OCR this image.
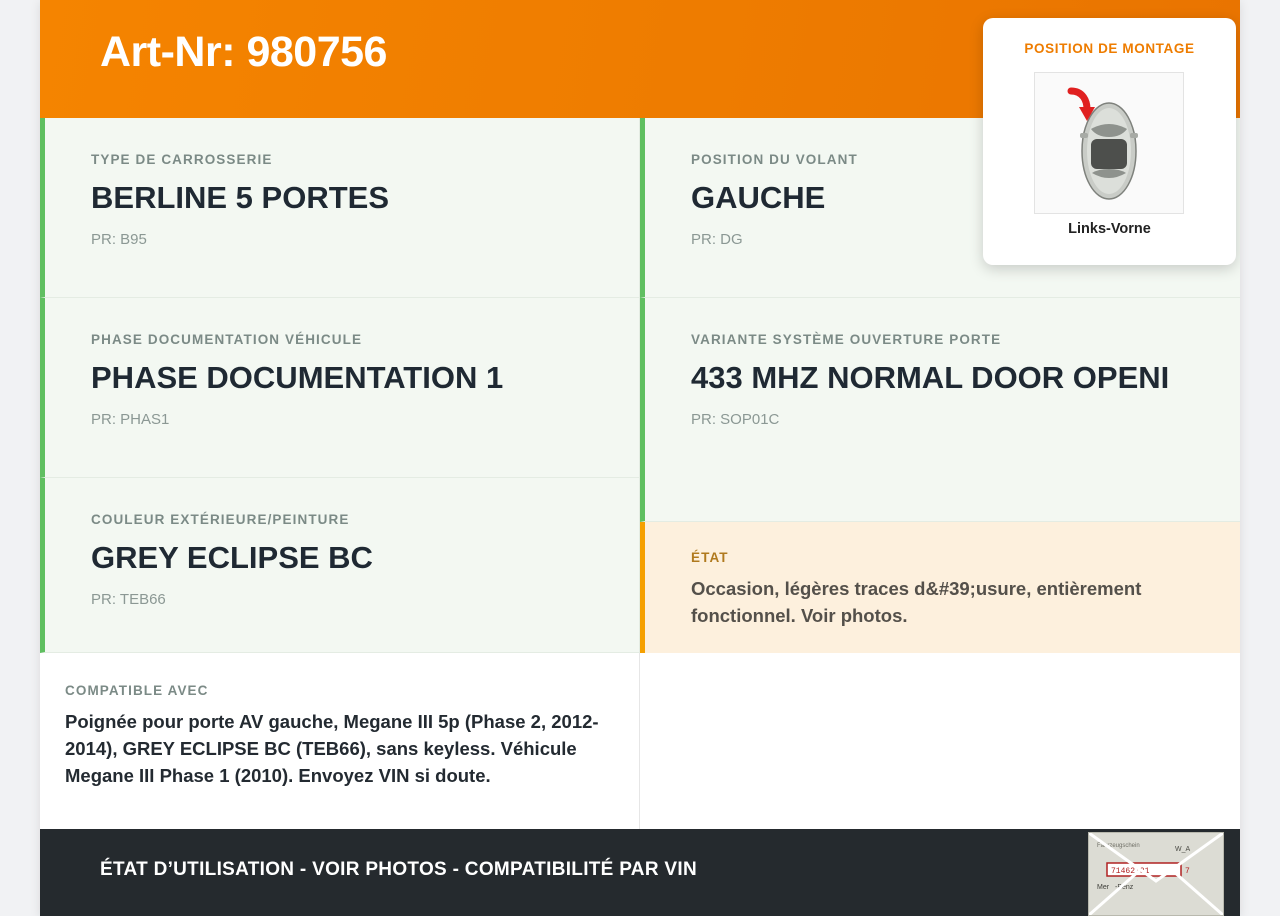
Art-Nr: 980756	POSITION DE MONTAGE
Links-Vorne
TYPE DE CARROSSERIE
BERLINE 5 PORTES
PR: B95
POSITION DU VOLANT
GAUCHE
PR: DG
PHASE DOCUMENTATION VÉHICULE
PHASE DOCUMENTATION 1
PR: PHAS1
VARIANTE SYSTÈME OUVERTURE PORTE
433 MHZ NORMAL DOOR OPENI
PR: SOP01C
COULEUR EXTÉRIEURE/PEINTURE
GREY ECLIPSE BC
PR: TEB66
ÉTAT
Occasion, légères traces d&#39;usure, entièrement fonctionnel. Voir photos.
COMPATIBLE AVEC
Poignée pour porte AV gauche, Megane III 5p (Phase 2, 2012-2014), GREY ECLIPSE BC (TEB66), sans keyless. Véhicule Megane III Phase 1 (2010). Envoyez VIN si doute.
ÉTAT D’UTILISATION - VOIR PHOTOS - COMPATIBILITÉ PAR VIN
Fahrzeugschein	W_A
71462731	7
Mer -Benz
